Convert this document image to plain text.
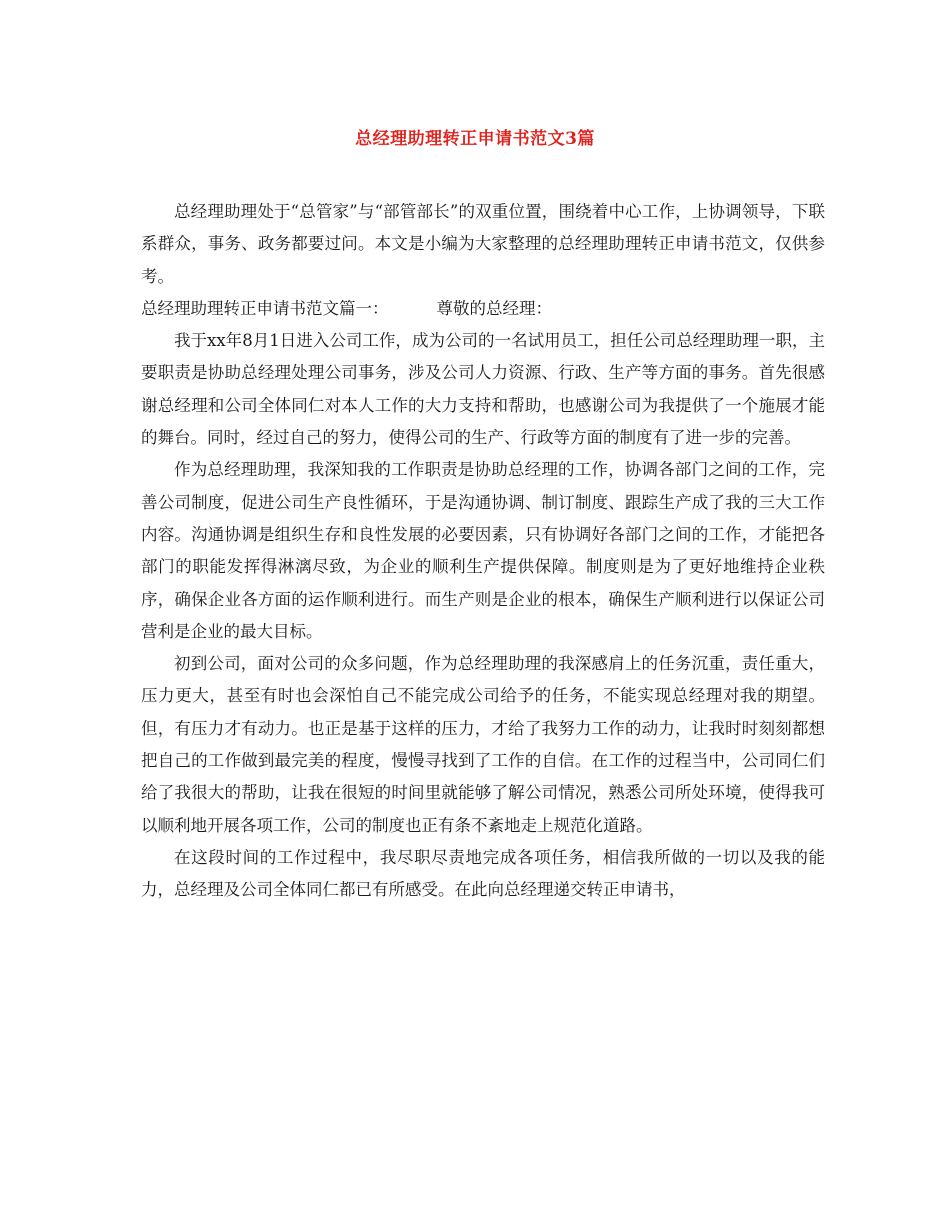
总经理助理转正申请书范文3篇

总经理助理处于“总管家”与“部管部长”的双重位置，围绕着中心工作，上协调领导，下联系群众，事务、政务都要过问。本文是小编为大家整理的总经理助理转正申请书范文，仅供参考。

总经理助理转正申请书范文篇一：	尊敬的总经理：

我于xx年8月1日进入公司工作，成为公司的一名试用员工，担任公司总经理助理一职，主要职责是协助总经理处理公司事务，涉及公司人力资源、行政、生产等方面的事务。首先很感谢总经理和公司全体同仁对本人工作的大力支持和帮助，也感谢公司为我提供了一个施展才能的舞台。同时，经过自己的努力，使得公司的生产、行政等方面的制度有了进一步的完善。

作为总经理助理，我深知我的工作职责是协助总经理的工作，协调各部门之间的工作，完善公司制度，促进公司生产良性循环，于是沟通协调、制订制度、跟踪生产成了我的三大工作内容。沟通协调是组织生存和良性发展的必要因素，只有协调好各部门之间的工作，才能把各部门的职能发挥得淋漓尽致，为企业的顺利生产提供保障。制度则是为了更好地维持企业秩序，确保企业各方面的运作顺利进行。而生产则是企业的根本，确保生产顺利进行以保证公司营利是企业的最大目标。

初到公司，面对公司的众多问题，作为总经理助理的我深感肩上的任务沉重，责任重大，压力更大，甚至有时也会深怕自己不能完成公司给予的任务，不能实现总经理对我的期望。但，有压力才有动力。也正是基于这样的压力，才给了我努力工作的动力，让我时时刻刻都想把自己的工作做到最完美的程度，慢慢寻找到了工作的自信。在工作的过程当中，公司同仁们给了我很大的帮助，让我在很短的时间里就能够了解公司情况，熟悉公司所处环境，使得我可以顺利地开展各项工作，公司的制度也正有条不紊地走上规范化道路。

在这段时间的工作过程中，我尽职尽责地完成各项任务，相信我所做的一切以及我的能力，总经理及公司全体同仁都已有所感受。在此向总经理递交转正申请书，
